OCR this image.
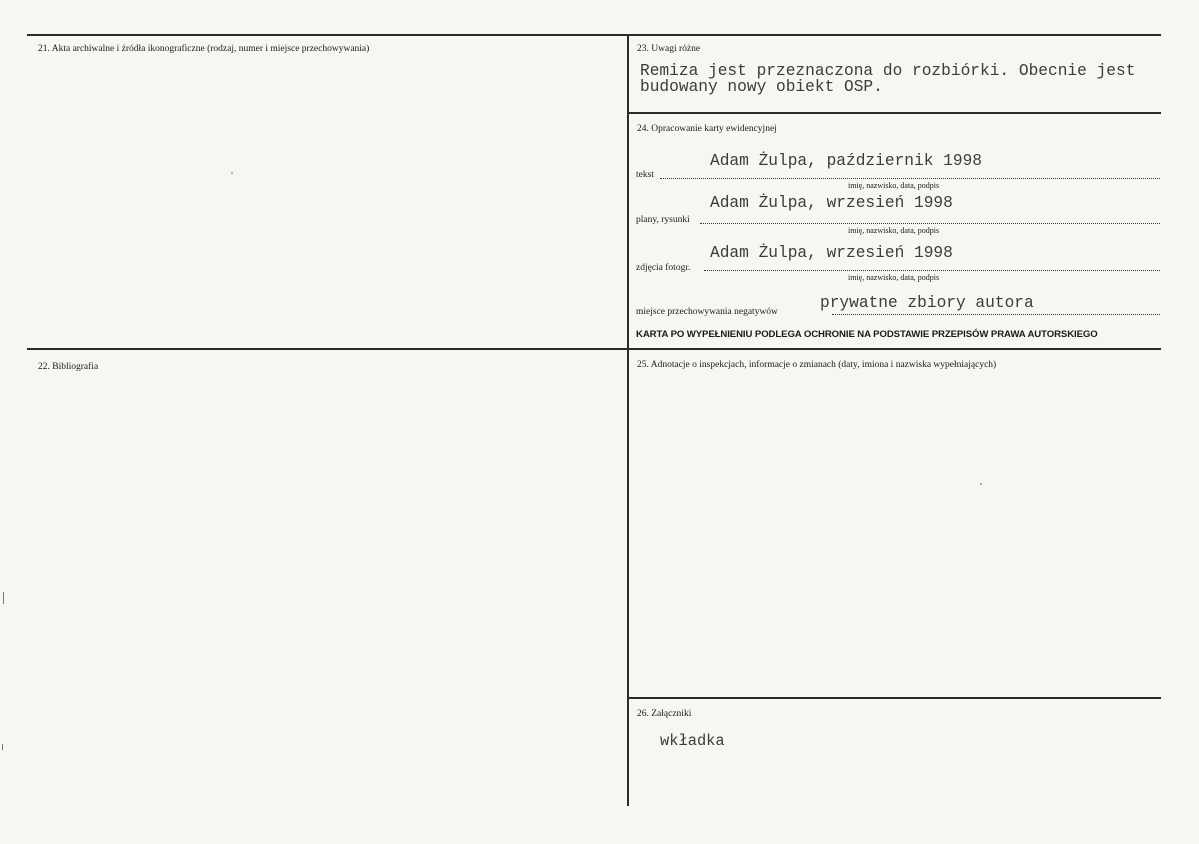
21. Akta archiwalne i źródła ikonograficzne (rodzaj, numer i miejsce przechowywania)
22. Bibliografia
23. Uwagi różne
Remiza jest przeznaczona do rozbiórki. Obecnie jest
budowany nowy obiekt OSP.
24. Opracowanie karty ewidencyjnej
Adam Żulpa, październik 1998
tekst
imię, nazwisko, data, podpis
Adam Żulpa, wrzesień 1998
plany, rysunki
imię, nazwisko, data, podpis
Adam Żulpa, wrzesień 1998
zdjęcia fotogr.
imię, nazwisko, data, podpis
prywatne zbiory autora
miejsce przechowywania negatywów
KARTA PO WYPEŁNIENIU PODLEGA OCHRONIE NA PODSTAWIE PRZEPISÓW PRAWA AUTORSKIEGO
25. Adnotacje o inspekcjach, informacje o zmianach (daty, imiona i nazwiska wypełniających)
26. Załączniki
wkładka
